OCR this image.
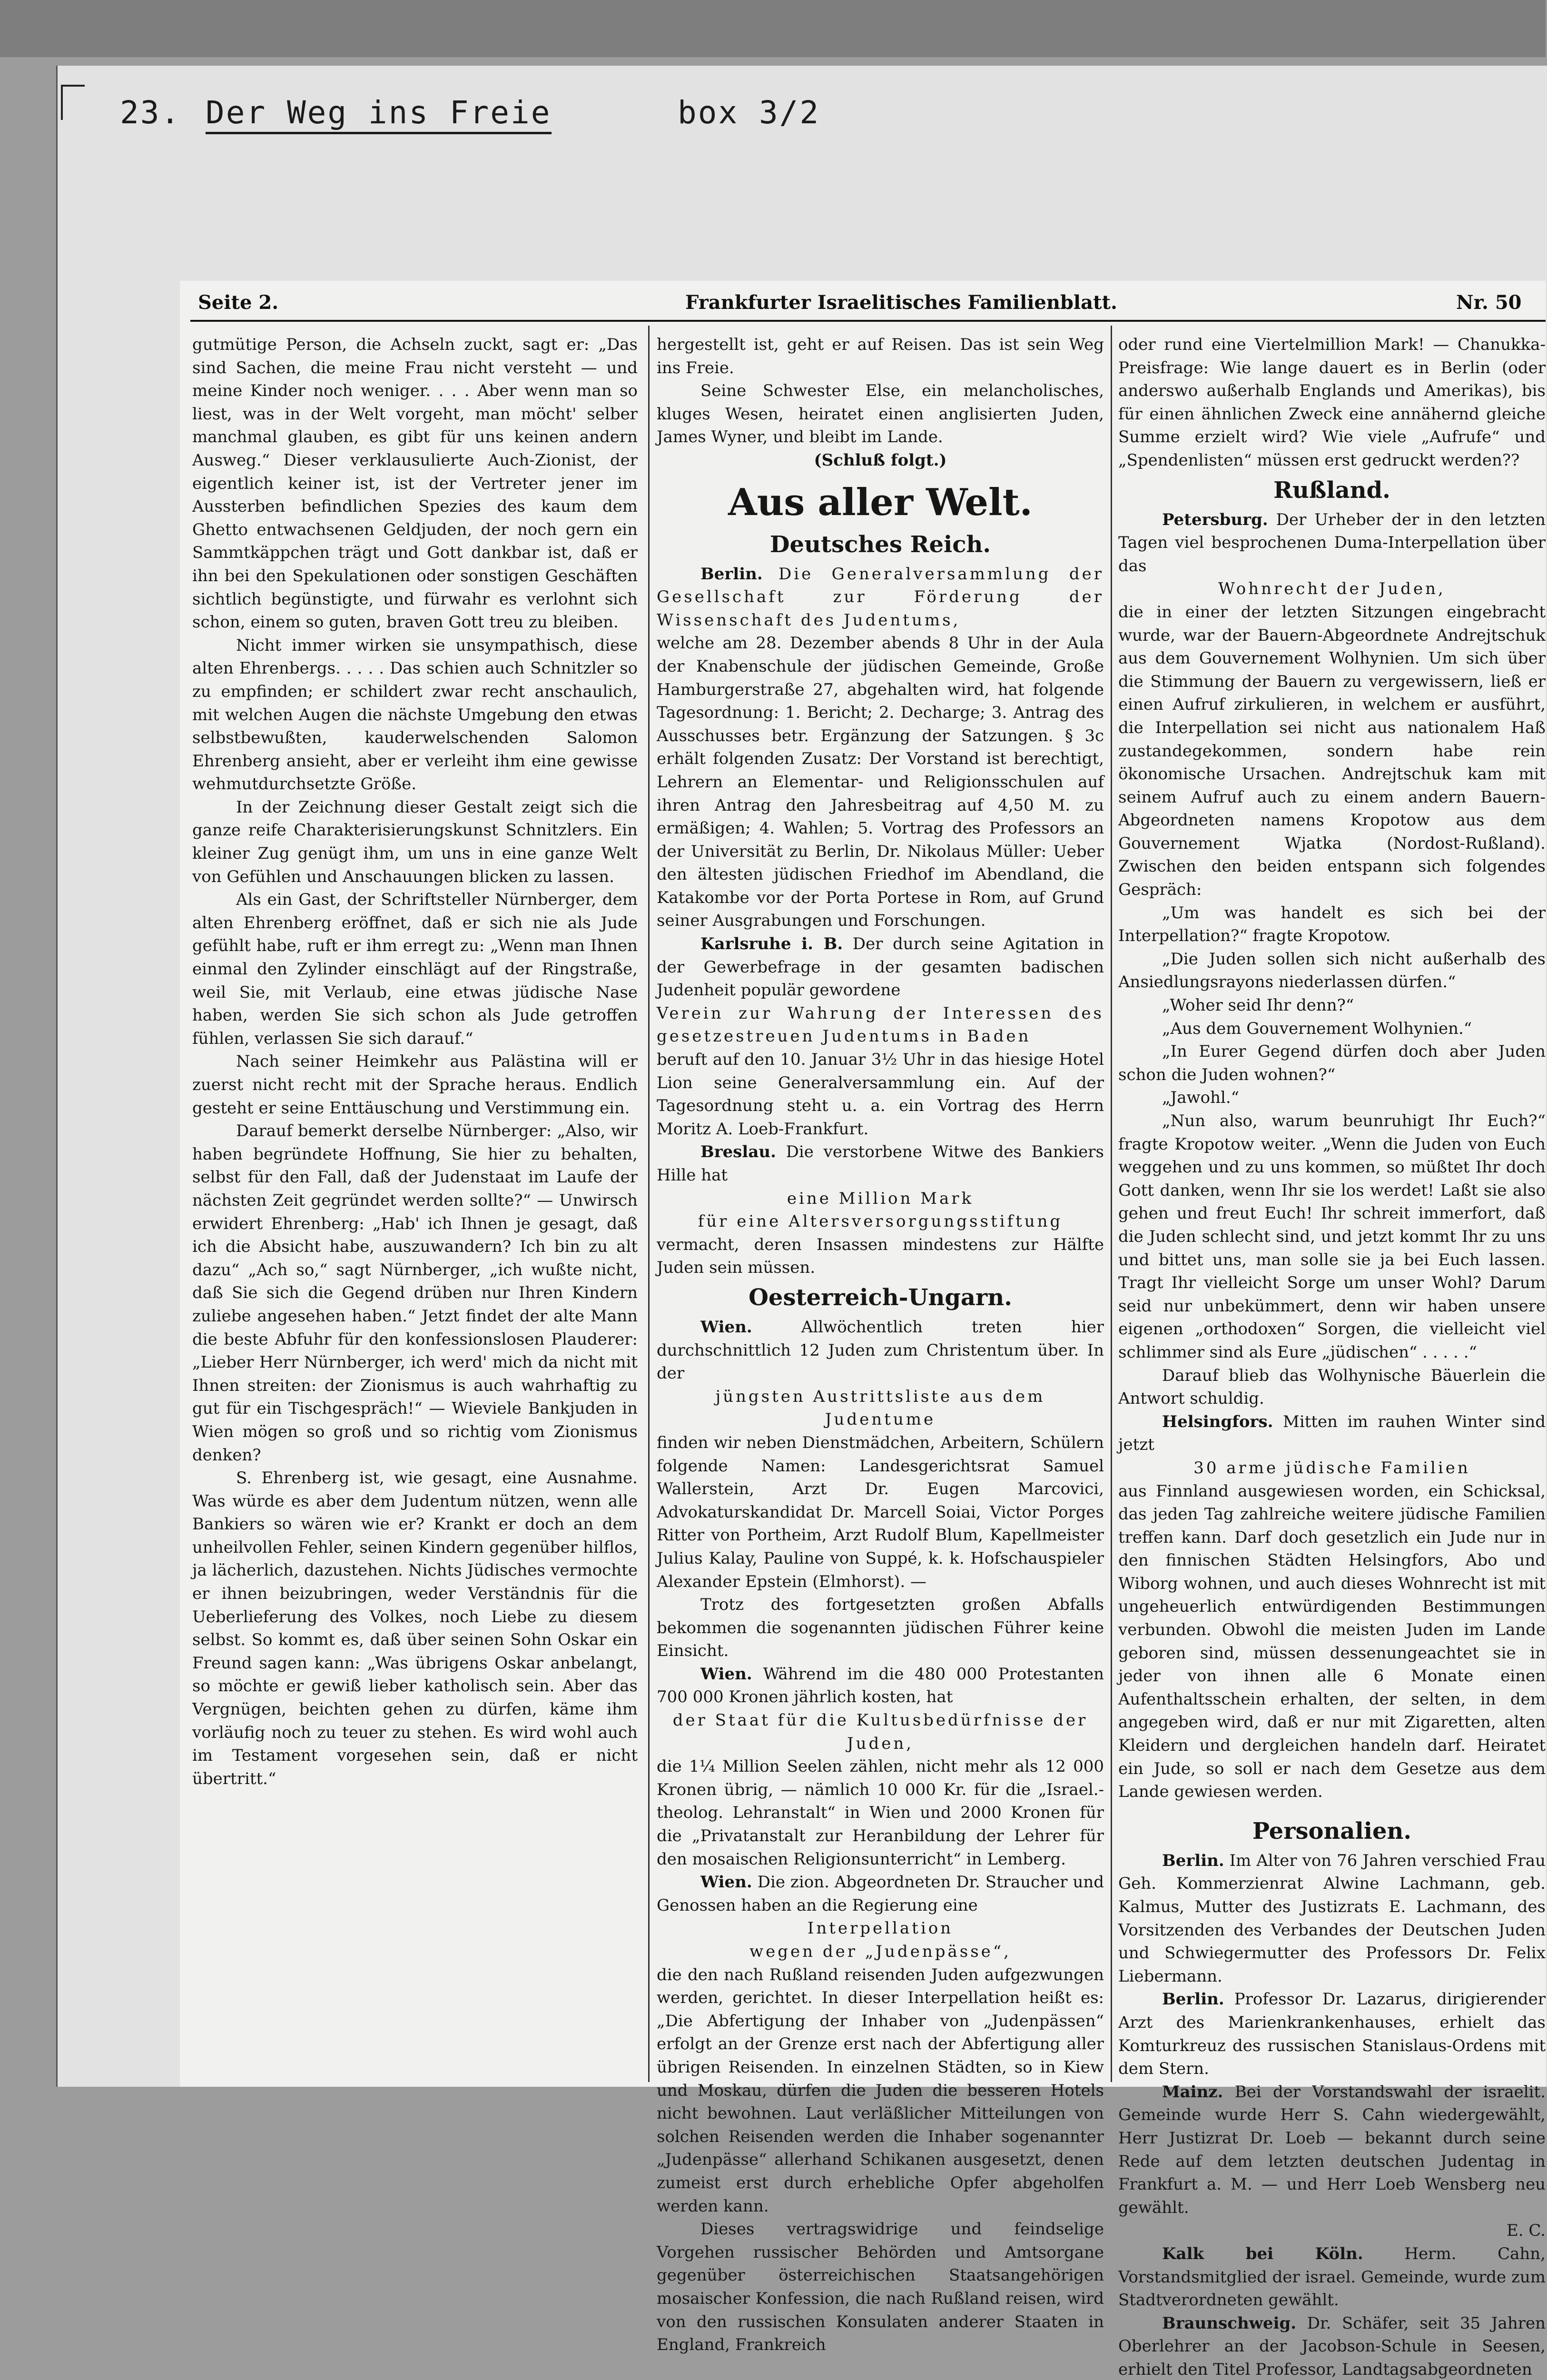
23. Der Weg ins Freie	box 3/2
Seite 2.	Frankfurter Israelitisches Familienblatt.	Nr. 50

gutmütige Person, die Achseln zuckt, sagt er: „Das sind Sachen, die meine Frau nicht versteht — und meine Kinder noch weniger. . . . Aber wenn man so liest, was in der Welt vorgeht, man möcht' selber manchmal glauben, es gibt für uns keinen andern Ausweg.“ Dieser verklausulierte Auch-Zionist, der eigentlich keiner ist, ist der Vertreter jener im Aussterben befindlichen Spezies des kaum dem Ghetto entwachsenen Geldjuden, der noch gern ein Sammtkäppchen trägt und Gott dankbar ist, daß er ihn bei den Spekulationen oder sonstigen Geschäften sichtlich begünstigte, und fürwahr es verlohnt sich schon, einem so guten, braven Gott treu zu bleiben.

Nicht immer wirken sie unsympathisch, diese alten Ehrenbergs. . . . . Das schien auch Schnitzler so zu empfinden; er schildert zwar recht anschaulich, mit welchen Augen die nächste Umgebung den etwas selbstbewußten, kauderwelschenden Salomon Ehrenberg ansieht, aber er verleiht ihm eine gewisse wehmutdurchsetzte Größe.

In der Zeichnung dieser Gestalt zeigt sich die ganze reife Charakterisierungskunst Schnitzlers. Ein kleiner Zug genügt ihm, um uns in eine ganze Welt von Gefühlen und Anschauungen blicken zu lassen.

Als ein Gast, der Schriftsteller Nürnberger, dem alten Ehrenberg eröffnet, daß er sich nie als Jude gefühlt habe, ruft er ihm erregt zu: „Wenn man Ihnen einmal den Zylinder einschlägt auf der Ringstraße, weil Sie, mit Verlaub, eine etwas jüdische Nase haben, werden Sie sich schon als Jude getroffen fühlen, verlassen Sie sich darauf.“

Nach seiner Heimkehr aus Palästina will er zuerst nicht recht mit der Sprache heraus. Endlich gesteht er seine Enttäuschung und Verstimmung ein.

Darauf bemerkt derselbe Nürnberger: „Also, wir haben begründete Hoffnung, Sie hier zu behalten, selbst für den Fall, daß der Judenstaat im Laufe der nächsten Zeit gegründet werden sollte?“ — Unwirsch erwidert Ehrenberg: „Hab' ich Ihnen je gesagt, daß ich die Absicht habe, auszuwandern? Ich bin zu alt dazu“ „Ach so,“ sagt Nürnberger, „ich wußte nicht, daß Sie sich die Gegend drüben nur Ihren Kindern zuliebe angesehen haben.“ Jetzt findet der alte Mann die beste Abfuhr für den konfessionslosen Plauderer: „Lieber Herr Nürnberger, ich werd' mich da nicht mit Ihnen streiten: der Zionismus is auch wahrhaftig zu gut für ein Tischgespräch!“ — Wieviele Bankjuden in Wien mögen so groß und so richtig vom Zionismus denken?

S. Ehrenberg ist, wie gesagt, eine Ausnahme. Was würde es aber dem Judentum nützen, wenn alle Bankiers so wären wie er? Krankt er doch an dem unheilvollen Fehler, seinen Kindern gegenüber hilflos, ja lächerlich, dazustehen. Nichts Jüdisches vermochte er ihnen beizubringen, weder Verständnis für die Ueberlieferung des Volkes, noch Liebe zu diesem selbst. So kommt es, daß über seinen Sohn Oskar ein Freund sagen kann: „Was übrigens Oskar anbelangt, so möchte er gewiß lieber katholisch sein. Aber das Vergnügen, beichten gehen zu dürfen, käme ihm vorläufig noch zu teuer zu stehen. Es wird wohl auch im Testament vorgesehen sein, daß er nicht übertritt.“

hergestellt ist, geht er auf Reisen. Das ist sein Weg ins Freie.

Seine Schwester Else, ein melancholisches, kluges Wesen, heiratet einen anglisierten Juden, James Wyner, und bleibt im Lande.

(Schluß folgt.)

Aus aller Welt.
Deutsches Reich.

Berlin. Die Generalversammlung der Gesellschaft zur Förderung der Wissenschaft des Judentums,

welche am 28. Dezember abends 8 Uhr in der Aula der Knabenschule der jüdischen Gemeinde, Große Hamburgerstraße 27, abgehalten wird, hat folgende Tagesordnung: 1. Bericht; 2. Decharge; 3. Antrag des Ausschusses betr. Ergänzung der Satzungen. § 3c erhält folgenden Zusatz: Der Vorstand ist berechtigt, Lehrern an Elementar- und Religionsschulen auf ihren Antrag den Jahresbeitrag auf 4,50 M. zu ermäßigen; 4. Wahlen; 5. Vortrag des Professors an der Universität zu Berlin, Dr. Nikolaus Müller: Ueber den ältesten jüdischen Friedhof im Abendland, die Katakombe vor der Porta Portese in Rom, auf Grund seiner Ausgrabungen und Forschungen.

Karlsruhe i. B. Der durch seine Agitation in der Gewerbefrage in der gesamten badischen Judenheit populär gewordene

Verein zur Wahrung der Interessen des gesetzestreuen Judentums in Baden

beruft auf den 10. Januar 3½ Uhr in das hiesige Hotel Lion seine Generalversammlung ein. Auf der Tagesordnung steht u. a. ein Vortrag des Herrn Moritz A. Loeb-Frankfurt.

Breslau. Die verstorbene Witwe des Bankiers Hille hat

eine Million Mark

für eine Altersversorgungsstiftung

vermacht, deren Insassen mindestens zur Hälfte Juden sein müssen.

Oesterreich-Ungarn.

Wien.	Allwöchentlich treten hier durchschnittlich 12 Juden zum Christentum über. In der

jüngsten Austrittsliste aus dem Judentume

finden wir neben Dienstmädchen, Arbeitern, Schülern folgende Namen: Landesgerichtsrat Samuel Wallerstein, Arzt Dr. Eugen Marcovici, Advokaturskandidat Dr. Marcell Soiai, Victor Porges Ritter von Portheim, Arzt Rudolf Blum, Kapellmeister Julius Kalay, Pauline von Suppé, k. k. Hofschauspieler Alexander Epstein (Elmhorst). —

Trotz des fortgesetzten großen Abfalls bekommen die sogenannten jüdischen Führer keine Einsicht.

Wien. Während im die 480 000 Protestanten 700 000 Kronen jährlich kosten, hat

der Staat für die Kultusbedürfnisse der Juden,

die 1¼ Million Seelen zählen, nicht mehr als 12 000 Kronen übrig, — nämlich 10 000 Kr. für die „Israel.-theolog. Lehranstalt“ in Wien und 2000 Kronen für die „Privatanstalt zur Heranbildung der Lehrer für den mosaischen Religionsunterricht“ in Lemberg.

Wien. Die zion. Abgeordneten Dr. Straucher und Genossen haben an die Regierung eine

Interpellation

wegen der „Judenpässe“,

die den nach Rußland reisenden Juden aufgezwungen werden, gerichtet. In dieser Interpellation heißt es: „Die Abfertigung der Inhaber von „Judenpässen“ erfolgt an der Grenze erst nach der Abfertigung aller übrigen Reisenden. In einzelnen Städten, so in Kiew und Moskau, dürfen die Juden die besseren Hotels nicht bewohnen. Laut verläßlicher Mitteilungen von solchen Reisenden werden die Inhaber sogenannter „Judenpässe“ allerhand Schikanen ausgesetzt, denen zumeist erst durch erhebliche Opfer abgeholfen werden kann.

Dieses vertragswidrige und feindselige Vorgehen russischer Behörden und Amtsorgane gegenüber österreichischen Staatsangehörigen mosaischer Konfession, die nach Rußland reisen, wird von den russischen Konsulaten anderer Staaten in England, Frankreich

oder rund eine Viertelmillion Mark! — Chanukka-Preisfrage: Wie lange dauert es in Berlin (oder anderswo außerhalb Englands und Amerikas), bis für einen ähnlichen Zweck eine annähernd gleiche Summe erzielt wird? Wie viele „Aufrufe“ und „Spendenlisten“ müssen erst gedruckt werden??

Rußland.

Petersburg. Der Urheber der in den letzten Tagen viel besprochenen Duma-Interpellation über das

Wohnrecht der Juden,

die in einer der letzten Sitzungen eingebracht wurde, war der Bauern-Abgeordnete Andrejtschuk aus dem Gouvernement Wolhynien. Um sich über die Stimmung der Bauern zu vergewissern, ließ er einen Aufruf zirkulieren, in welchem er ausführt, die Interpellation sei nicht aus nationalem Haß zustandegekommen, sondern habe rein ökonomische Ursachen. Andrejtschuk kam mit seinem Aufruf auch zu einem andern Bauern-Abgeordneten namens Kropotow aus dem Gouvernement Wjatka (Nordost-Rußland). Zwischen den beiden entspann sich folgendes Gespräch:

„Um was handelt es sich bei der Interpellation?“ fragte Kropotow.

„Die Juden sollen sich nicht außerhalb des Ansiedlungsrayons niederlassen dürfen.“

„Woher seid Ihr denn?“

„Aus dem Gouvernement Wolhynien.“

„In Eurer Gegend dürfen doch aber Juden schon die Juden wohnen?“

„Jawohl.“

„Nun also, warum beunruhigt Ihr Euch?“ fragte Kropotow weiter. „Wenn die Juden von Euch weggehen und zu uns kommen, so müßtet Ihr doch Gott danken, wenn Ihr sie los werdet! Laßt sie also gehen und freut Euch! Ihr schreit immerfort, daß die Juden schlecht sind, und jetzt kommt Ihr zu uns und bittet uns, man solle sie ja bei Euch lassen. Tragt Ihr vielleicht Sorge um unser Wohl? Darum seid nur unbekümmert, denn wir haben unsere eigenen „orthodoxen“ Sorgen, die vielleicht viel schlimmer sind als Eure „jüdischen“ . . . . .“

Darauf blieb das Wolhynische Bäuerlein die Antwort schuldig.

Helsingfors. Mitten im rauhen Winter sind jetzt

30 arme jüdische Familien

aus Finnland ausgewiesen worden, ein Schicksal, das jeden Tag zahlreiche weitere jüdische Familien treffen kann. Darf doch gesetzlich ein Jude nur in den finnischen Städten Helsingfors, Abo und Wiborg wohnen, und auch dieses Wohnrecht ist mit ungeheuerlich entwürdigenden Bestimmungen verbunden. Obwohl die meisten Juden im Lande geboren sind, müssen dessenungeachtet sie in jeder von ihnen alle 6 Monate einen Aufenthaltsschein erhalten, der selten, in dem angegeben wird, daß er nur mit Zigaretten, alten Kleidern und dergleichen handeln darf. Heiratet ein Jude, so soll er nach dem Gesetze aus dem Lande gewiesen werden.

Personalien.

Berlin. Im Alter von 76 Jahren verschied Frau Geh. Kommerzienrat Alwine Lachmann, geb. Kalmus, Mutter des Justizrats E. Lachmann, des Vorsitzenden des Verbandes der Deutschen Juden und Schwiegermutter des Professors Dr. Felix Liebermann.

Berlin. Professor Dr. Lazarus, dirigierender Arzt des Marienkrankenhauses, erhielt das Komturkreuz des russischen Stanislaus-Ordens mit dem Stern.

Mainz. Bei der Vorstandswahl der israelit. Gemeinde wurde Herr S. Cahn wiedergewählt, Herr Justizrat Dr. Loeb — bekannt durch seine Rede auf dem letzten deutschen Judentag in Frankfurt a. M. — und Herr Loeb Wensberg neu gewählt.

E. C.

Kalk bei Köln.	Herm. Cahn, Vorstandsmitglied der israel. Gemeinde, wurde zum Stadtverordneten gewählt.

Braunschweig. Dr. Schäfer, seit 35 Jahren Oberlehrer an der Jacobson-Schule in Seesen, erhielt den Titel Professor, Landtagsabgeordneten
